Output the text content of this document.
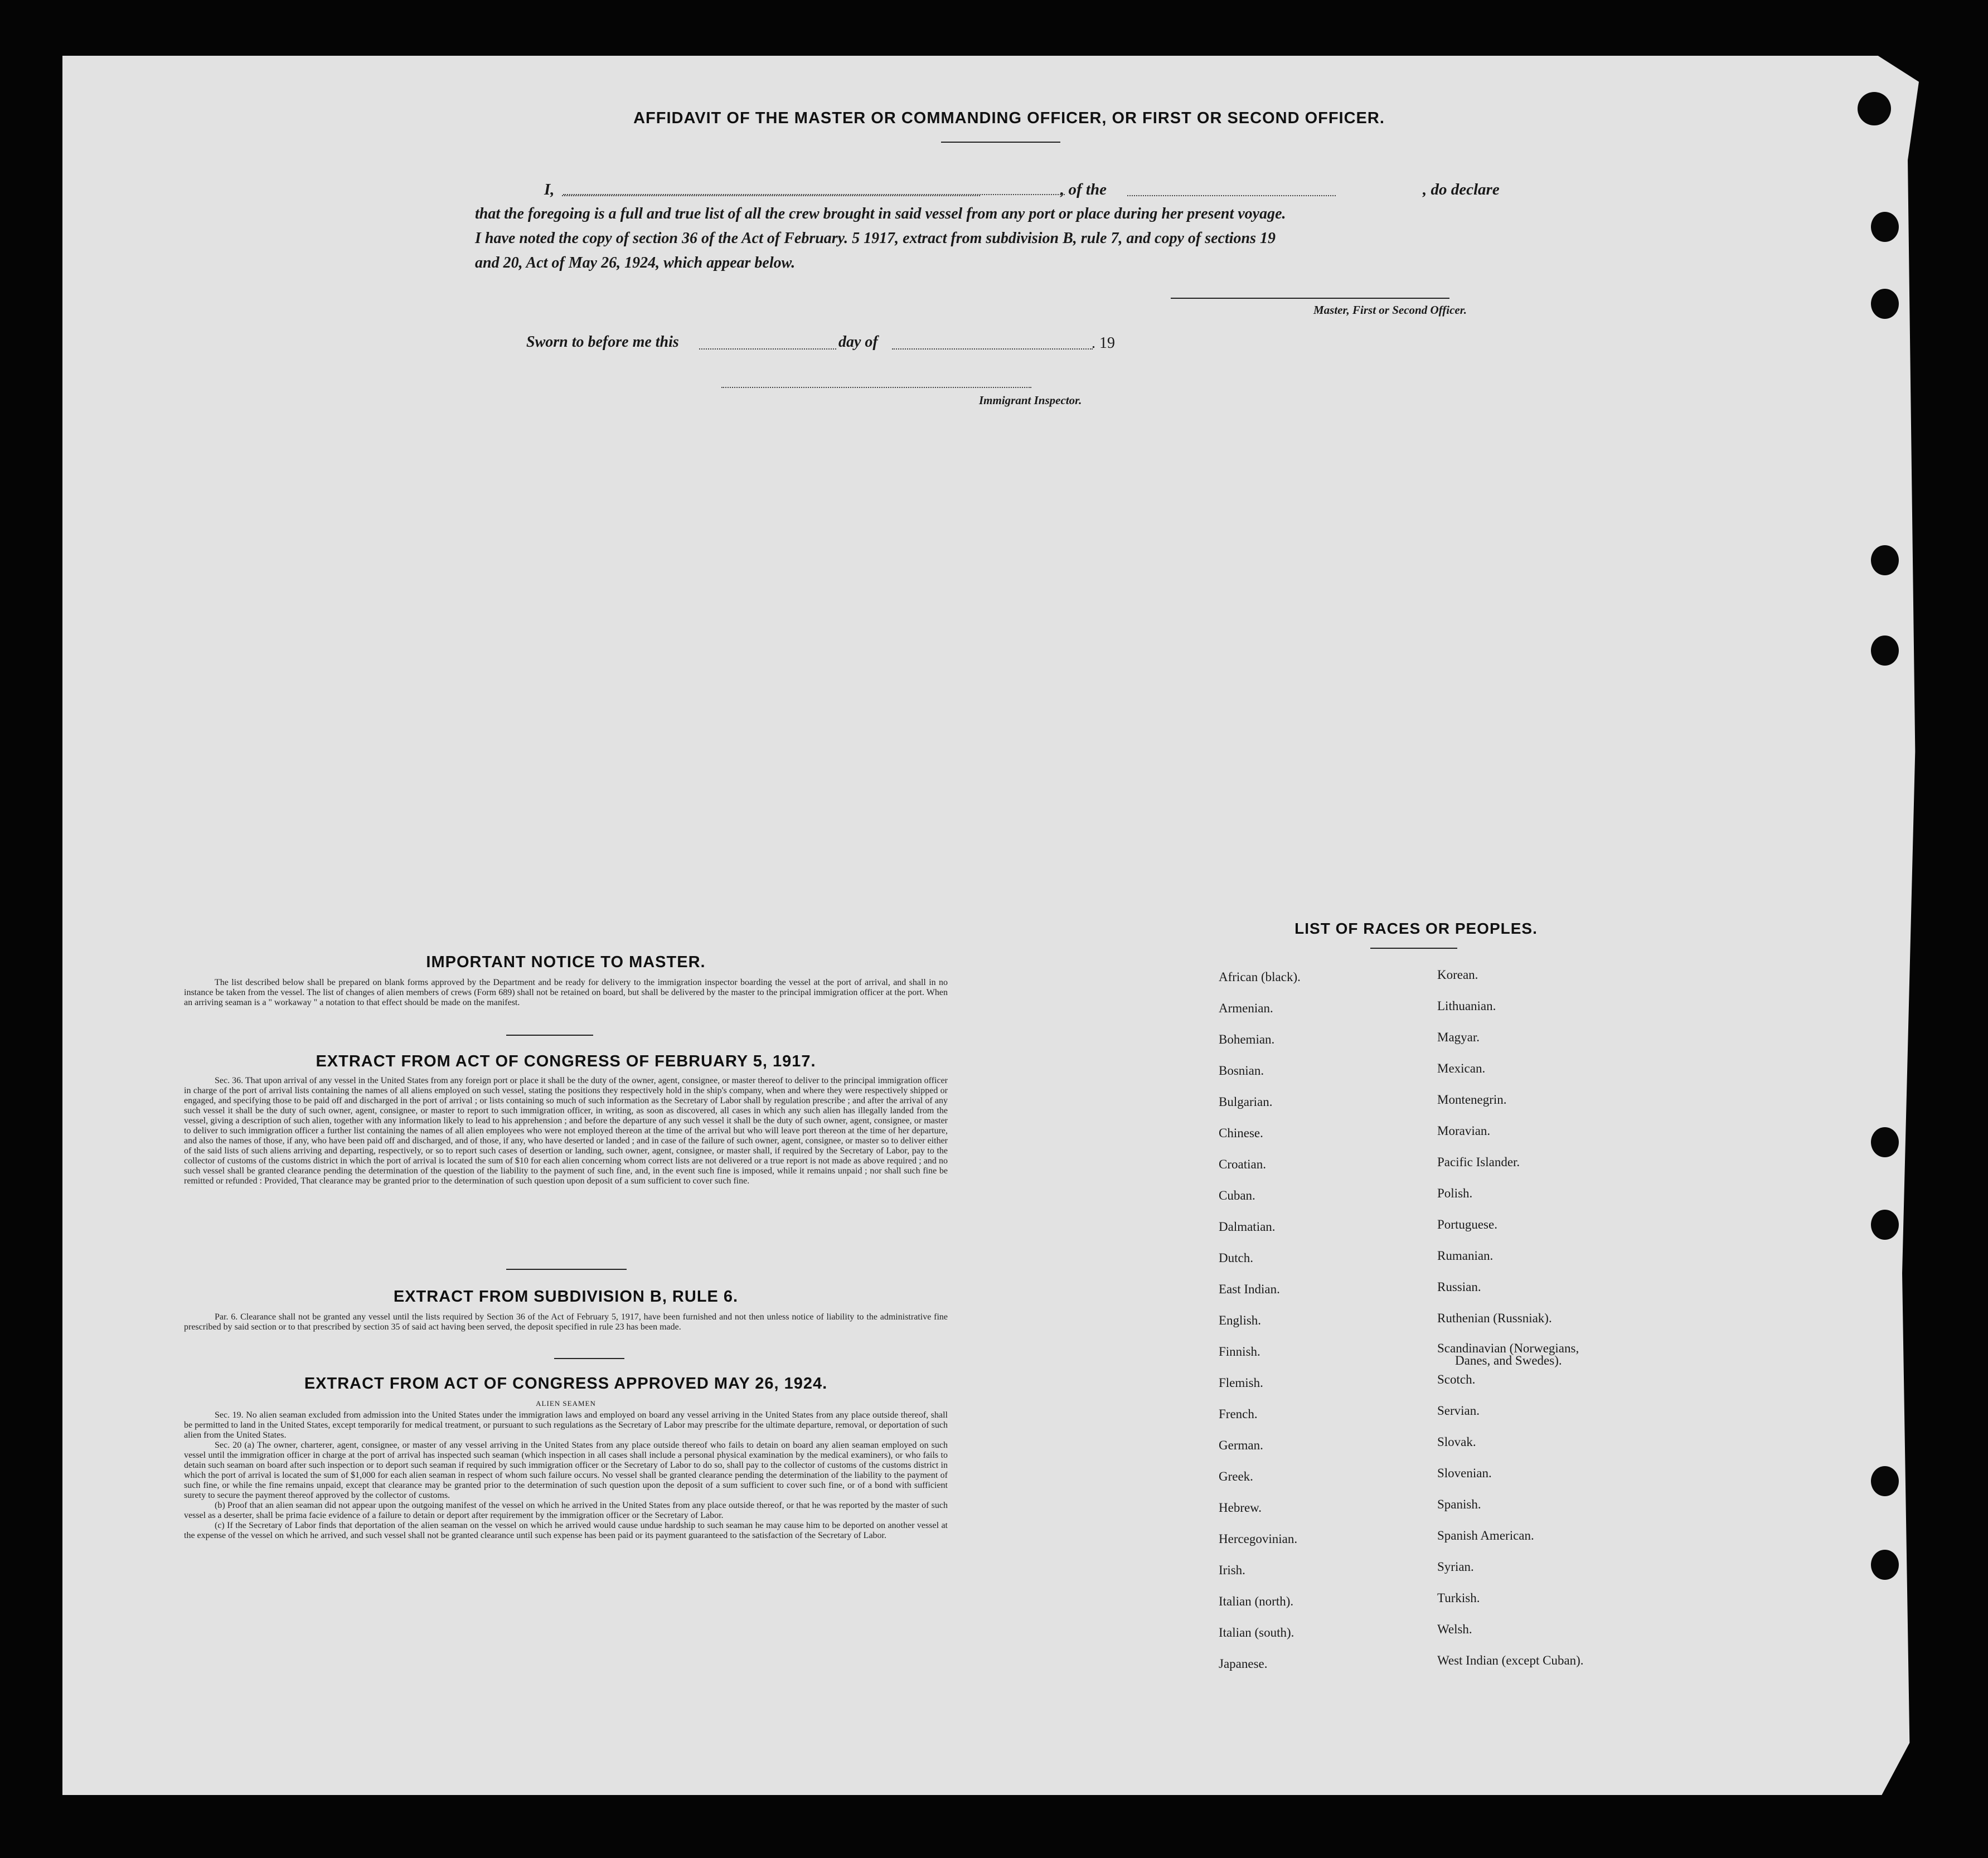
AFFIDAVIT OF THE MASTER OR COMMANDING OFFICER, OR FIRST OR SECOND OFFICER.
I,	, of the	, do declare
that the foregoing is a full and true list of all the crew brought in said vessel from any port or place during her present voyage.
I have noted the copy of section 36 of the Act of February. 5 1917, extract from subdivision B, rule 7, and copy of sections 19
and 20, Act of May 26, 1924, which appear below.
Master, First or Second Officer.
Sworn to before me this	day of	. 19
Immigrant Inspector.
IMPORTANT NOTICE TO MASTER.
The list described below shall be prepared on blank forms approved by the Department and be ready for delivery to the immigration inspector boarding the vessel at the port of arrival, and shall in no instance be taken from the vessel. The list of changes of alien members of crews (Form 689) shall not be retained on board, but shall be delivered by the master to the principal immigration officer at the port. When an arriving seaman is a " workaway " a notation to that effect should be made on the manifest.
EXTRACT FROM ACT OF CONGRESS OF FEBRUARY 5, 1917.
Sec. 36. That upon arrival of any vessel in the United States from any foreign port or place it shall be the duty of the owner, agent, consignee, or master thereof to deliver to the principal immigration officer in charge of the port of arrival lists containing the names of all aliens employed on such vessel, stating the positions they respectively hold in the ship's company, when and where they were respectively shipped or engaged, and specifying those to be paid off and discharged in the port of arrival ; or lists containing so much of such information as the Secretary of Labor shall by regulation prescribe ; and after the arrival of any such vessel it shall be the duty of such owner, agent, consignee, or master to report to such immigration officer, in writing, as soon as discovered, all cases in which any such alien has illegally landed from the vessel, giving a description of such alien, together with any information likely to lead to his apprehension ; and before the departure of any such vessel it shall be the duty of such owner, agent, consignee, or master to deliver to such immigration officer a further list containing the names of all alien employees who were not employed thereon at the time of the arrival but who will leave port thereon at the time of her departure, and also the names of those, if any, who have been paid off and discharged, and of those, if any, who have deserted or landed ; and in case of the failure of such owner, agent, consignee, or master so to deliver either of the said lists of such aliens arriving and departing, respectively, or so to report such cases of desertion or landing, such owner, agent, consignee, or master shall, if required by the Secretary of Labor, pay to the collector of customs of the customs district in which the port of arrival is located the sum of $10 for each alien concerning whom correct lists are not delivered or a true report is not made as above required ; and no such vessel shall be granted clearance pending the determination of the question of the liability to the payment of such fine, and, in the event such fine is imposed, while it remains unpaid ; nor shall such fine be remitted or refunded : Provided, That clearance may be granted prior to the determination of such question upon deposit of a sum sufficient to cover such fine.
EXTRACT FROM SUBDIVISION B, RULE 6.
Par. 6. Clearance shall not be granted any vessel until the lists required by Section 36 of the Act of February 5, 1917, have been furnished and not then unless notice of liability to the administrative fine prescribed by said section or to that prescribed by section 35 of said act having been served, the deposit specified in rule 23 has been made.
EXTRACT FROM ACT OF CONGRESS APPROVED MAY 26, 1924.
ALIEN SEAMEN
Sec. 19. No alien seaman excluded from admission into the United States under the immigration laws and employed on board any vessel arriving in the United States from any place outside thereof, shall be permitted to land in the United States, except temporarily for medical treatment, or pursuant to such regulations as the Secretary of Labor may prescribe for the ultimate departure, removal, or deportation of such alien from the United States.
Sec. 20 (a) The owner, charterer, agent, consignee, or master of any vessel arriving in the United States from any place outside thereof who fails to detain on board any alien seaman employed on such vessel until the immigration officer in charge at the port of arrival has inspected such seaman (which inspection in all cases shall include a personal physical examination by the medical examiners), or who fails to detain such seaman on board after such inspection or to deport such seaman if required by such immigration officer or the Secretary of Labor to do so, shall pay to the collector of customs of the customs district in which the port of arrival is located the sum of $1,000 for each alien seaman in respect of whom such failure occurs. No vessel shall be granted clearance pending the determination of the liability to the payment of such fine, or while the fine remains unpaid, except that clearance may be granted prior to the determination of such question upon the deposit of a sum sufficient to cover such fine, or of a bond with sufficient surety to secure the payment thereof approved by the collector of customs.
(b) Proof that an alien seaman did not appear upon the outgoing manifest of the vessel on which he arrived in the United States from any place outside thereof, or that he was reported by the master of such vessel as a deserter, shall be prima facie evidence of a failure to detain or deport after requirement by the immigration officer or the Secretary of Labor.
(c) If the Secretary of Labor finds that deportation of the alien seaman on the vessel on which he arrived would cause undue hardship to such seaman he may cause him to be deported on another vessel at the expense of the vessel on which he arrived, and such vessel shall not be granted clearance until such expense has been paid or its payment guaranteed to the satisfaction of the Secretary of Labor.
LIST OF RACES OR PEOPLES.
African (black).
Armenian.
Bohemian.
Bosnian.
Bulgarian.
Chinese.
Croatian.
Cuban.
Dalmatian.
Dutch.
East Indian.
English.
Finnish.
Flemish.
French.
German.
Greek.
Hebrew.
Hercegovinian.
Irish.
Italian (north).
Italian (south).
Japanese.
Korean.
Lithuanian.
Magyar.
Mexican.
Montenegrin.
Moravian.
Pacific Islander.
Polish.
Portuguese.
Rumanian.
Russian.
Ruthenian (Russniak).
Scandinavian (Norwegians,
Danes, and Swedes).
Scotch.
Servian.
Slovak.
Slovenian.
Spanish.
Spanish American.
Syrian.
Turkish.
Welsh.
West Indian (except Cuban).
